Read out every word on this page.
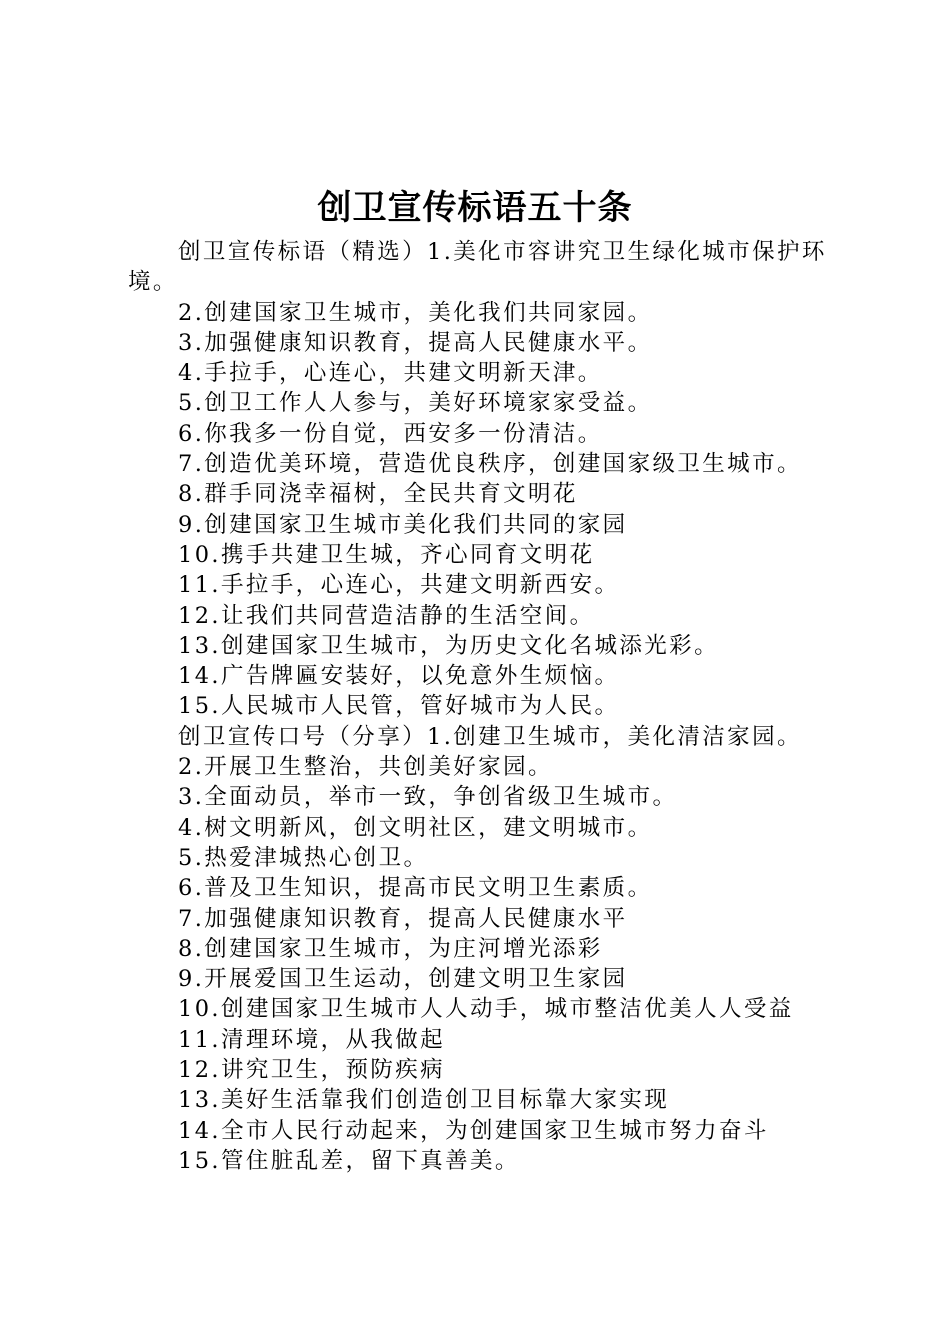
创卫宣传标语五十条
创卫宣传标语（精选）1.美化市容讲究卫生绿化城市保护环境。
2.创建国家卫生城市，美化我们共同家园。
3.加强健康知识教育，提高人民健康水平。
4.手拉手，心连心，共建文明新天津。
5.创卫工作人人参与，美好环境家家受益。
6.你我多一份自觉，西安多一份清洁。
7.创造优美环境，营造优良秩序，创建国家级卫生城市。
8.群手同浇幸福树，全民共育文明花
9.创建国家卫生城市美化我们共同的家园
10.携手共建卫生城，齐心同育文明花
11.手拉手，心连心，共建文明新西安。
12.让我们共同营造洁静的生活空间。
13.创建国家卫生城市，为历史文化名城添光彩。
14.广告牌匾安装好，以免意外生烦恼。
15.人民城市人民管，管好城市为人民。
创卫宣传口号（分享）1.创建卫生城市，美化清洁家园。
2.开展卫生整治，共创美好家园。
3.全面动员，举市一致，争创省级卫生城市。
4.树文明新风，创文明社区，建文明城市。
5.热爱津城热心创卫。
6.普及卫生知识，提高市民文明卫生素质。
7.加强健康知识教育，提高人民健康水平
8.创建国家卫生城市，为庄河增光添彩
9.开展爱国卫生运动，创建文明卫生家园
10.创建国家卫生城市人人动手，城市整洁优美人人受益
11.清理环境，从我做起
12.讲究卫生，预防疾病
13.美好生活靠我们创造创卫目标靠大家实现
14.全市人民行动起来，为创建国家卫生城市努力奋斗
15.管住脏乱差，留下真善美。
